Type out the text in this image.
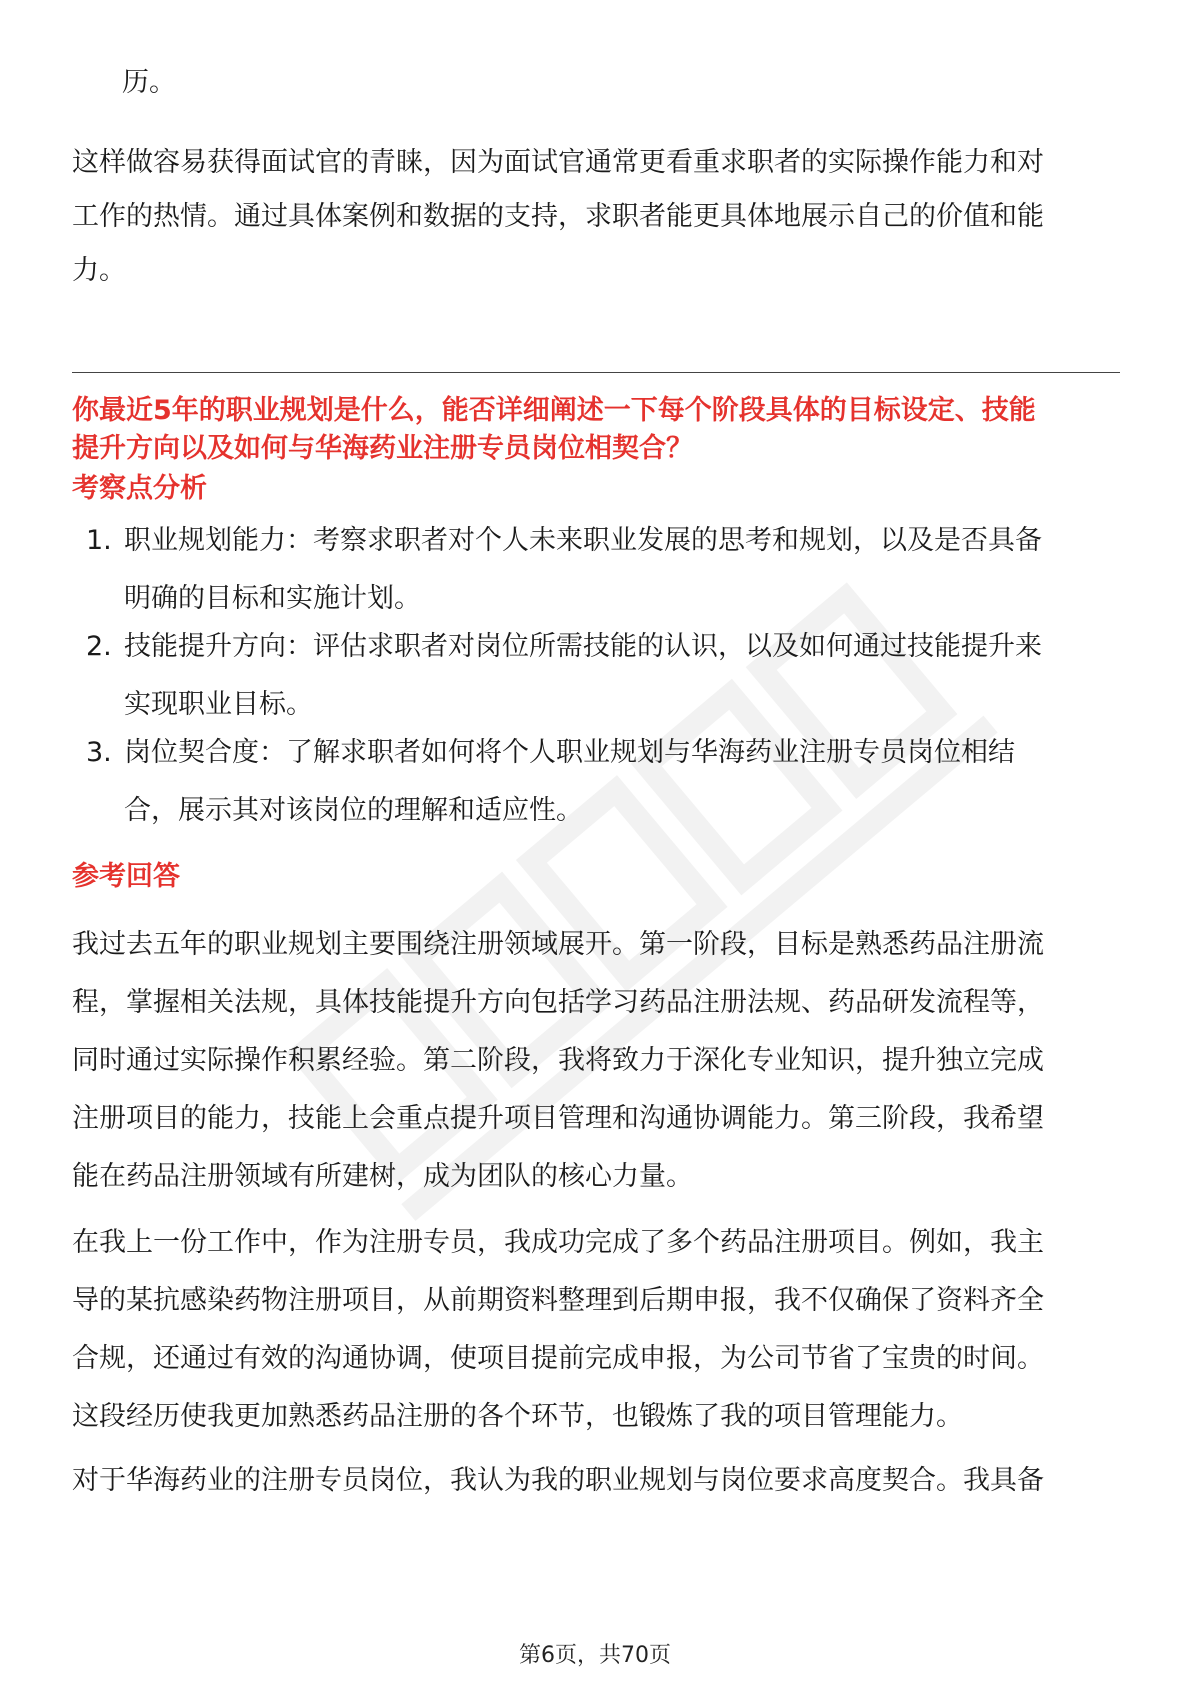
历。

这样做容易获得面试官的青睐，因为面试官通常更看重求职者的实际操作能力和对

工作的热情。通过具体案例和数据的支持，求职者能更具体地展示自己的价值和能

力。

你最近5年的职业规划是什么，能否详细阐述一下每个阶段具体的目标设定、技能
提升方向以及如何与华海药业注册专员岗位相契合？

考察点分析

1. 职业规划能力：考察求职者对个人未来职业发展的思考和规划，以及是否具备
明确的目标和实施计划。
2. 技能提升方向：评估求职者对岗位所需技能的认识，以及如何通过技能提升来
实现职业目标。
3. 岗位契合度：了解求职者如何将个人职业规划与华海药业注册专员岗位相结
合，展示其对该岗位的理解和适应性。

参考回答

我过去五年的职业规划主要围绕注册领域展开。第一阶段，目标是熟悉药品注册流
程，掌握相关法规，具体技能提升方向包括学习药品注册法规、药品研发流程等，
同时通过实际操作积累经验。第二阶段，我将致力于深化专业知识，提升独立完成
注册项目的能力，技能上会重点提升项目管理和沟通协调能力。第三阶段，我希望
能在药品注册领域有所建树，成为团队的核心力量。
在我上一份工作中，作为注册专员，我成功完成了多个药品注册项目。例如，我主
导的某抗感染药物注册项目，从前期资料整理到后期申报，我不仅确保了资料齐全
合规，还通过有效的沟通协调，使项目提前完成申报，为公司节省了宝贵的时间。
这段经历使我更加熟悉药品注册的各个环节，也锻炼了我的项目管理能力。

对于华海药业的注册专员岗位，我认为我的职业规划与岗位要求高度契合。我具备

第6页，共70页
